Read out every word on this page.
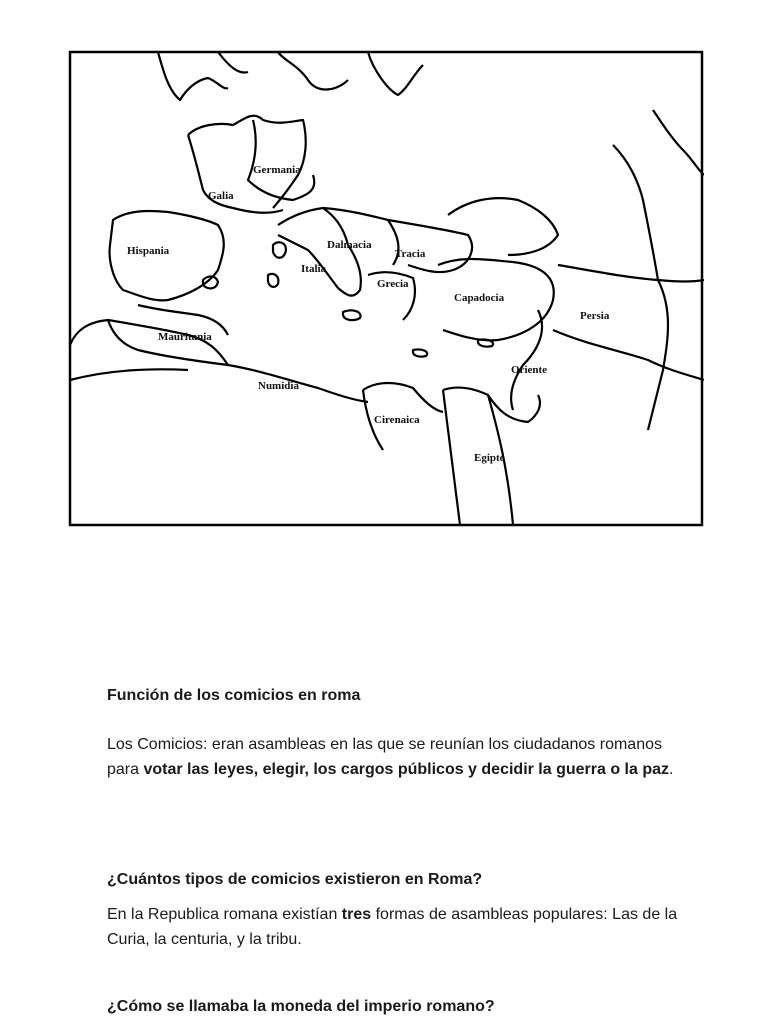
Germania
Galia
Hispania	Dalmacia
Tracia
Italia
Grecia
Capadocia
Persia
Mauritania
Oriente
Numidia
Cirenaica
Egipto
Función de los comicios en roma

Los Comicios: eran asambleas en las que se reunían los ciudadanos romanos para votar las leyes, elegir, los cargos públicos y decidir la guerra o la paz.

¿Cuántos tipos de comicios existieron en Roma?

En la Republica romana existían tres formas de asambleas populares: Las de la Curia, la centuria, y la tribu.

¿Cómo se llamaba la moneda del imperio romano?
